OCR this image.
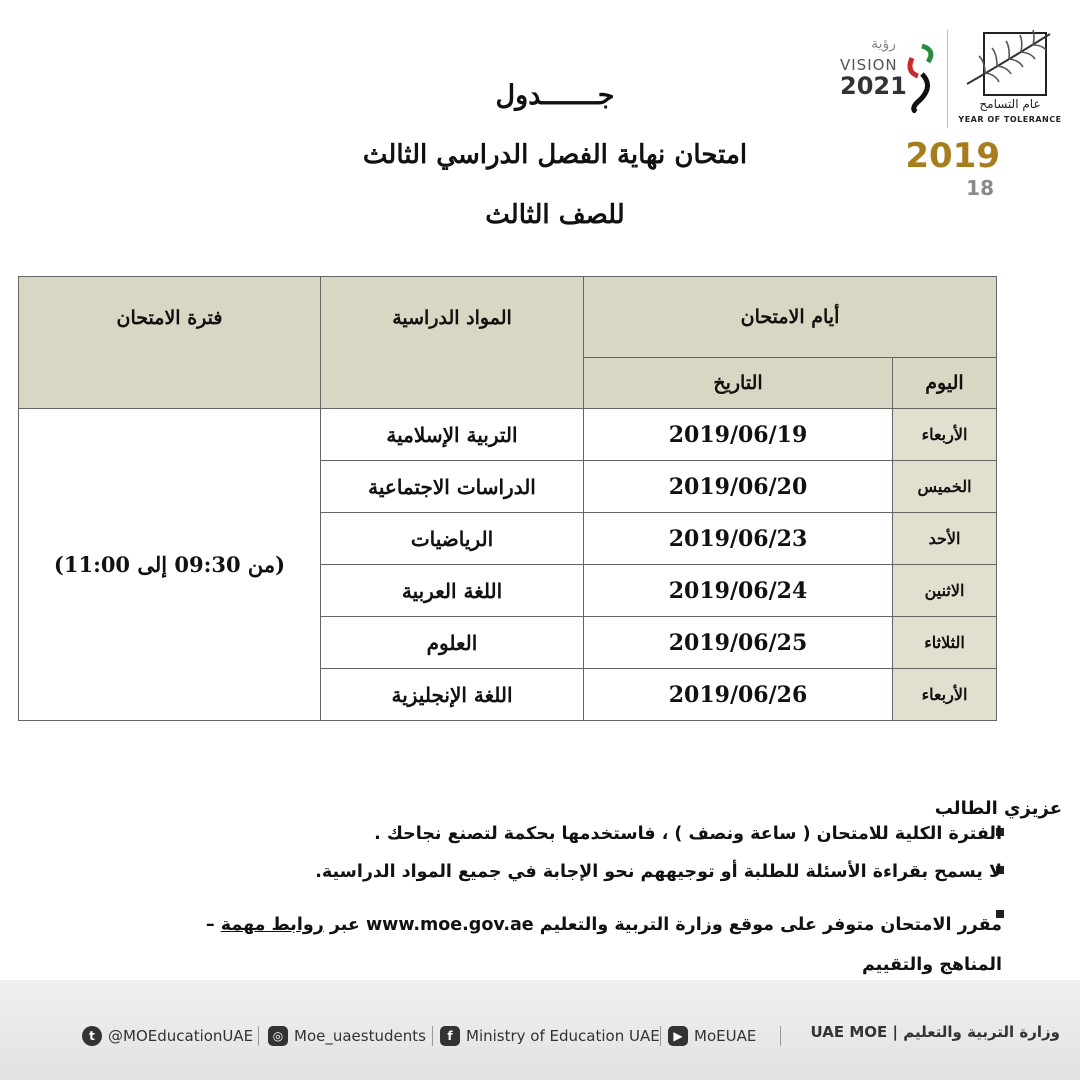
عام التسامح
YEAR OF TOLERANCE
رؤية
VISION
2021
2019
18
جـــــــدول
امتحان نهاية الفصل الدراسي الثالث
للصف الثالث
أيام الامتحان		المواد الدراسية	فترة الامتحان
اليوم	التاريخ		
الأربعاء	2019/06/19	التربية الإسلامية	(من 09:30 إلى 11:00)
الخميس	2019/06/20	الدراسات الاجتماعية	
الأحد	2019/06/23	الرياضيات	
الاثنين	2019/06/24	اللغة العربية	
الثلاثاء	2019/06/25	العلوم	
الأربعاء	2019/06/26	اللغة الإنجليزية	
عزيزي الطالب
الفترة الكلية للامتحان ( ساعة ونصف ) ، فاستخدمها بحكمة لتصنع نجاحك .
لا يسمح بقراءة الأسئلة للطلبة أو توجيههم نحو الإجابة في جميع المواد الدراسية.
مقرر الامتحان متوفر على موقع وزارة التربية والتعليم www.moe.gov.ae عبر روابط مهمة – المناهج والتقييم
t @MOEducationUAE	◎ Moe_uaestudents	f Ministry of Education UAE	▶ MoEUAE	وزارة التربية والتعليم | UAE MOE
